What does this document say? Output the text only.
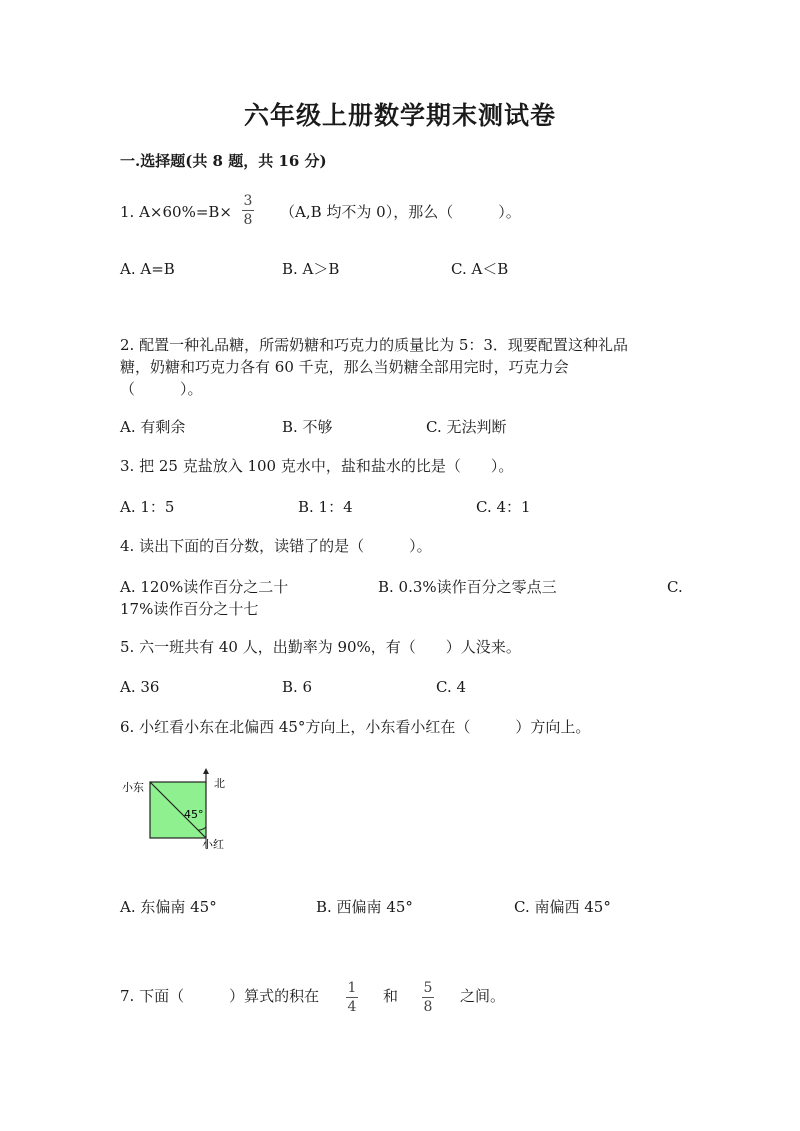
六年级上册数学期末测试卷
一.选择题(共 8 题，共 16 分)
1. A×60%=B×
3
8 （A,B 均不为 0），那么（　　　）。
A. A=B	B. A＞B	C. A＜B
2. 配置一种礼品糖，所需奶糖和巧克力的质量比为 5：3．现要配置这种礼品
糖，奶糖和巧克力各有 60 千克，那么当奶糖全部用完时，巧克力会
（　　　）。
A. 有剩余	B. 不够	C. 无法判断
3. 把 25 克盐放入 100 克水中，盐和盐水的比是（　　）。
A. 1：5	B. 1：4	C. 4：1
4. 读出下面的百分数，读错了的是（　　　）。
A. 120%读作百分之二十	B. 0.3%读作百分之零点三	C.
17%读作百分之十七
5. 六一班共有 40 人，出勤率为 90%，有（　　）人没来。
A. 36	B. 6	C. 4
6. 小红看小东在北偏西 45°方向上，小东看小红在（　　　）方向上。
小东	北
45°
小红
A. 东偏南 45°	B. 西偏南 45°	C. 南偏西 45°
7. 下面（　　　）算式的积在 1
4
和 5
8
之间。
